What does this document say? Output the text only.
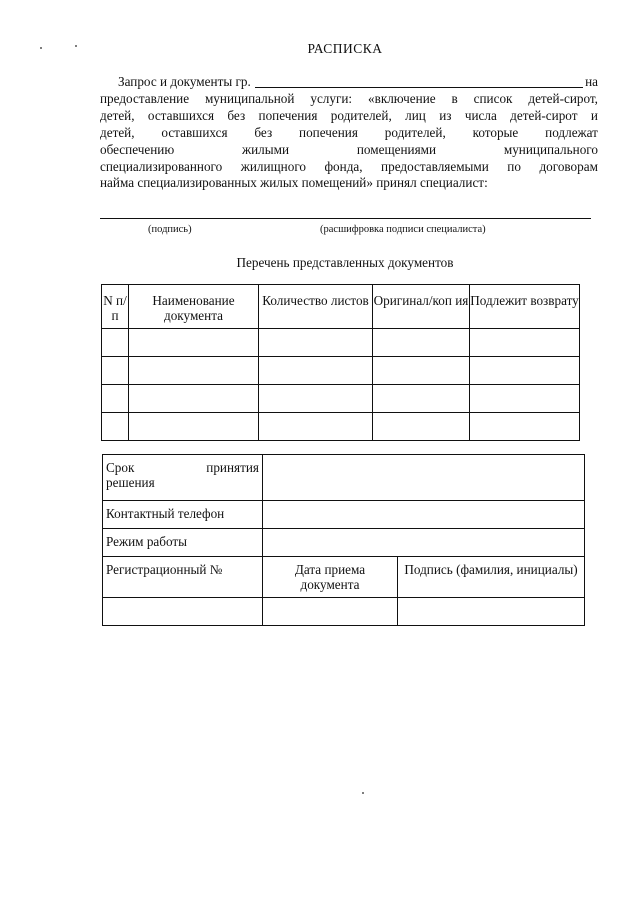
РАСПИСКА
Запрос и документы гр.	на
предоставление муниципальной услуги: «включение в список детей-сирот,
детей, оставшихся без попечения родителей, лиц из числа детей-сирот и
детей, оставшихся без попечения родителей, которые подлежат
обеспечению	жилыми	помещениями	муниципального
специализированного жилищного фонда, предоставляемыми по договорам
найма специализированных жилых помещений» принял специалист:
(подпись)	(расшифровка подписи специалиста)
Перечень представленных документов
N п/п	Наименование документа	Количество листов	Оригинал/коп ия	Подлежит возврату

Срок принятия
решения		

Контактный телефон		
Режим работы		
Регистрационный №	Дата приема документа	Подпись (фамилия, инициалы)
